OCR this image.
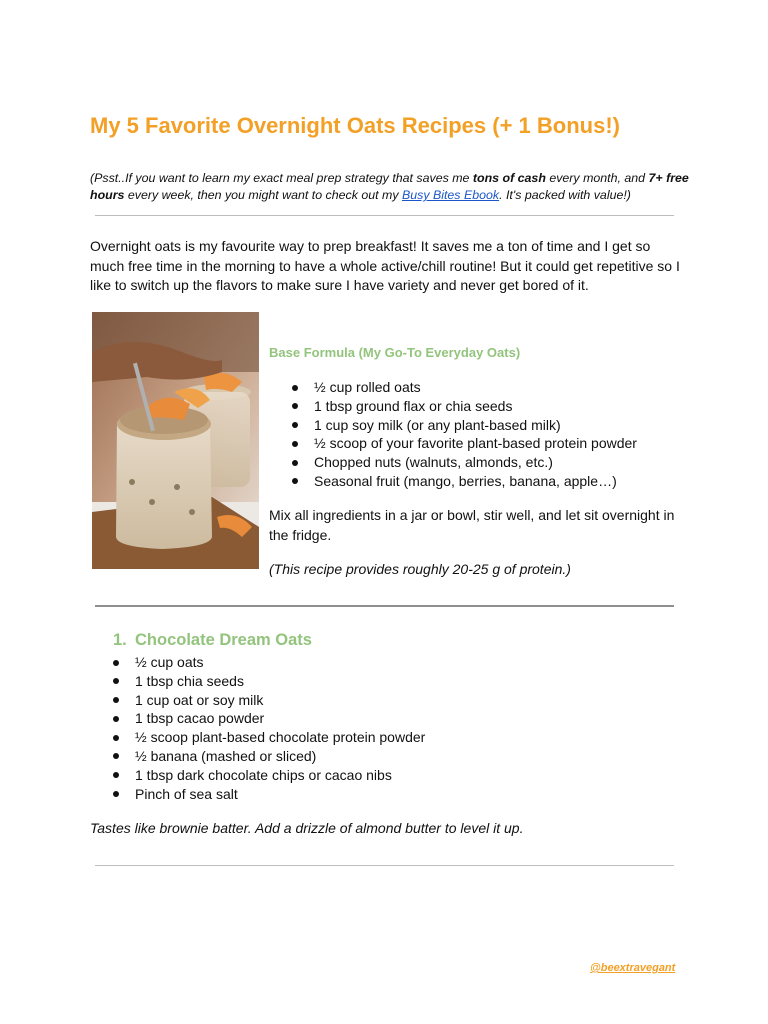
My 5 Favorite Overnight Oats Recipes (+ 1 Bonus!)

(Psst..If you want to learn my exact meal prep strategy that saves me tons of cash every month, and 7+ free hours every week, then you might want to check out my Busy Bites Ebook. It's packed with value!)

Overnight oats is my favourite way to prep breakfast! It saves me a ton of time and I get so much free time in the morning to have a whole active/chill routine! But it could get repetitive so I like to switch up the flavors to make sure I have variety and never get bored of it.

Base Formula (My Go-To Everyday Oats)

½ cup rolled oats
1 tbsp ground flax or chia seeds
1 cup soy milk (or any plant-based milk)
½ scoop of your favorite plant-based protein powder
Chopped nuts (walnuts, almonds, etc.)
Seasonal fruit (mango, berries, banana, apple…)

Mix all ingredients in a jar or bowl, stir well, and let sit overnight in the fridge.

(This recipe provides roughly 20-25 g of protein.)

1. Chocolate Dream Oats

½ cup oats
1 tbsp chia seeds
1 cup oat or soy milk
1 tbsp cacao powder
½ scoop plant-based chocolate protein powder
½ banana (mashed or sliced)
1 tbsp dark chocolate chips or cacao nibs
Pinch of sea salt

Tastes like brownie batter. Add a drizzle of almond butter to level it up.

@beextravegant
